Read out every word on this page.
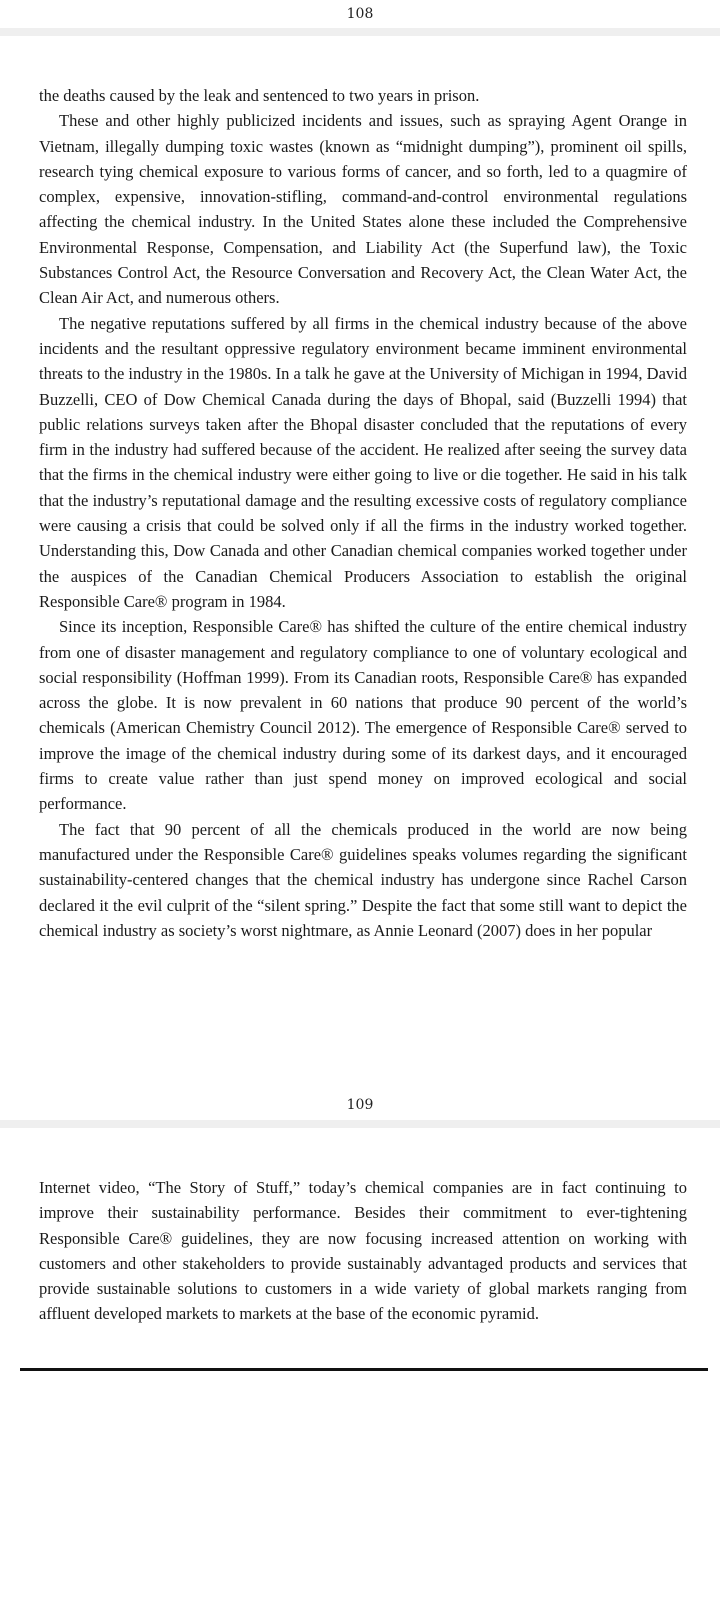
108

the deaths caused by the leak and sentenced to two years in prison.

These and other highly publicized incidents and issues, such as spraying Agent Orange in Vietnam, illegally dumping toxic wastes (known as “midnight dumping”), prominent oil spills, research tying chemical exposure to various forms of cancer, and so forth, led to a quagmire of complex, expensive, innovation-stifling, command-and-control environmental regulations affecting the chemical industry. In the United States alone these included the Comprehensive Environmental Response, Compensation, and Liability Act (the Superfund law), the Toxic Substances Control Act, the Resource Conversation and Recovery Act, the Clean Water Act, the Clean Air Act, and numerous others.

The negative reputations suffered by all firms in the chemical industry because of the above incidents and the resultant oppressive regulatory environment became imminent environmental threats to the industry in the 1980s. In a talk he gave at the University of Michigan in 1994, David Buzzelli, CEO of Dow Chemical Canada during the days of Bhopal, said (Buzzelli 1994) that public relations surveys taken after the Bhopal disaster concluded that the reputations of every firm in the industry had suffered because of the accident. He realized after seeing the survey data that the firms in the chemical industry were either going to live or die together. He said in his talk that the industry’s reputational damage and the resulting excessive costs of regulatory compliance were causing a crisis that could be solved only if all the firms in the industry worked together. Understanding this, Dow Canada and other Canadian chemical companies worked together under the auspices of the Canadian Chemical Producers Association to establish the original Responsible Care® program in 1984.

Since its inception, Responsible Care® has shifted the culture of the entire chemical industry from one of disaster management and regulatory compliance to one of voluntary ecological and social responsibility (Hoffman 1999). From its Canadian roots, Responsible Care® has expanded across the globe. It is now prevalent in 60 nations that produce 90 percent of the world’s chemicals (American Chemistry Council 2012). The emergence of Responsible Care® served to improve the image of the chemical industry during some of its darkest days, and it encouraged firms to create value rather than just spend money on improved ecological and social performance.

The fact that 90 percent of all the chemicals produced in the world are now being manufactured under the Responsible Care® guidelines speaks volumes regarding the significant sustainability-centered changes that the chemical industry has undergone since Rachel Carson declared it the evil culprit of the “silent spring.” Despite the fact that some still want to depict the chemical industry as society’s worst nightmare, as Annie Leonard (2007) does in her popular

109

Internet video, “The Story of Stuff,” today’s chemical companies are in fact continuing to improve their sustainability performance. Besides their commitment to ever-tightening Responsible Care® guidelines, they are now focusing increased attention on working with customers and other stakeholders to provide sustainably advantaged products and services that provide sustainable solutions to customers in a wide variety of global markets ranging from affluent developed markets to markets at the base of the economic pyramid.
